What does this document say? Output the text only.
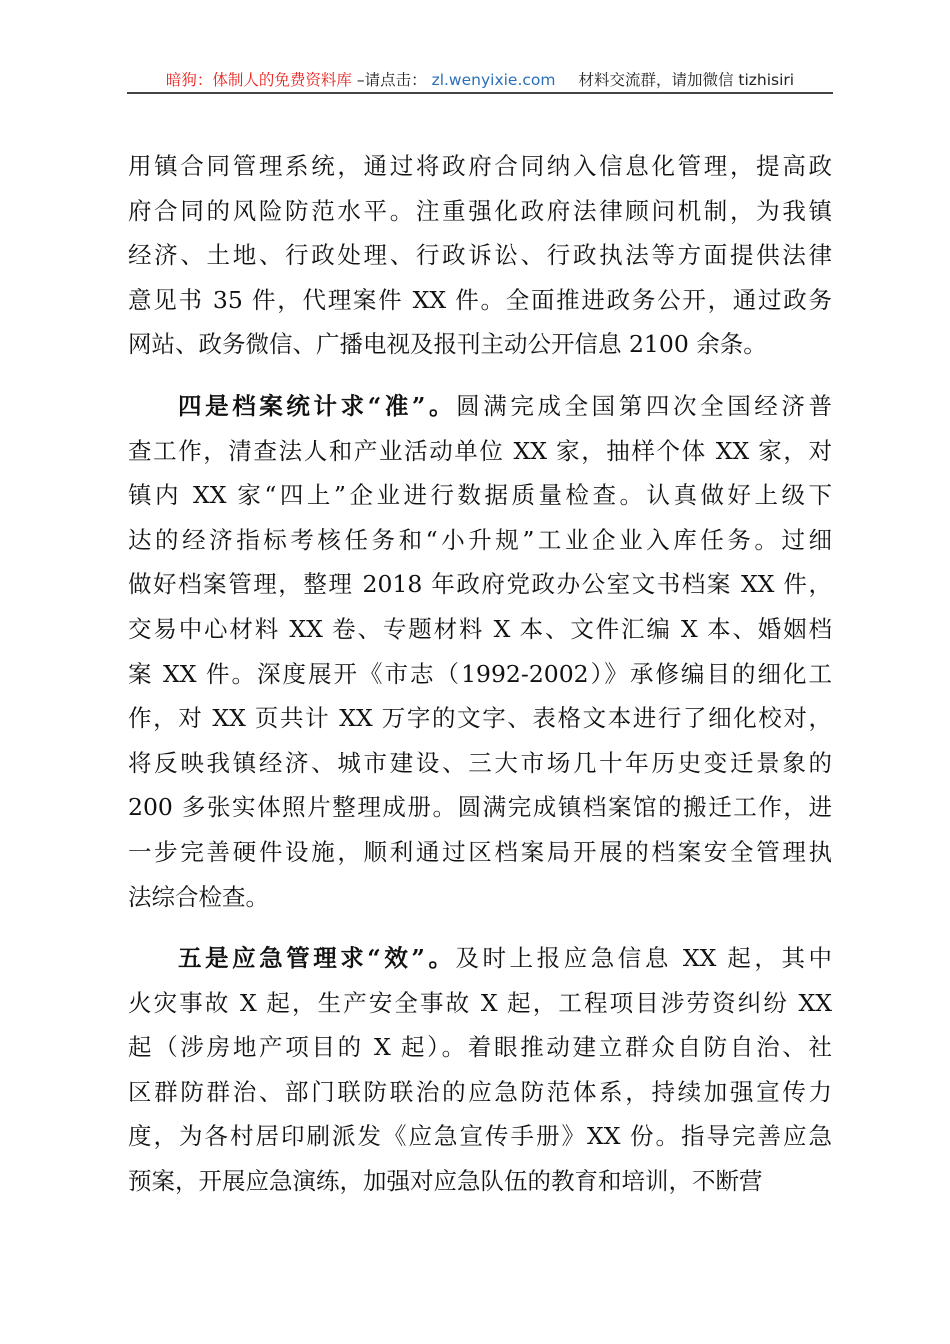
暗狗：体制人的免费资料库 –请点击： zl.wenyixie.com 材料交流群，请加微信 tizhisiri
用镇合同管理系统，通过将政府合同纳入信息化管理，提高政
府合同的风险防范水平。注重强化政府法律顾问机制，为我镇
经济、土地、行政处理、行政诉讼、行政执法等方面提供法律
意见书 35 件，代理案件 XX 件。全面推进政务公开，通过政务
网站、政务微信、广播电视及报刊主动公开信息 2100 余条。
四是档案统计求“准”。圆满完成全国第四次全国经济普
查工作，清查法人和产业活动单位 XX 家，抽样个体 XX 家，对
镇内 XX 家“四上”企业进行数据质量检查。认真做好上级下
达的经济指标考核任务和“小升规”工业企业入库任务。过细
做好档案管理，整理 2018 年政府党政办公室文书档案 XX 件，
交易中心材料 XX 卷、专题材料 X 本、文件汇编 X 本、婚姻档
案 XX 件。深度展开《市志（1992-2002）》承修编目的细化工
作，对 XX 页共计 XX 万字的文字、表格文本进行了细化校对，
将反映我镇经济、城市建设、三大市场几十年历史变迁景象的
200 多张实体照片整理成册。圆满完成镇档案馆的搬迁工作，进
一步完善硬件设施，顺利通过区档案局开展的档案安全管理执
法综合检查。
五是应急管理求“效”。及时上报应急信息 XX 起，其中
火灾事故 X 起，生产安全事故 X 起，工程项目涉劳资纠纷 XX
起（涉房地产项目的 X 起）。着眼推动建立群众自防自治、社
区群防群治、部门联防联治的应急防范体系，持续加强宣传力
度，为各村居印刷派发《应急宣传手册》XX 份。指导完善应急
预案，开展应急演练，加强对应急队伍的教育和培训，不断营
